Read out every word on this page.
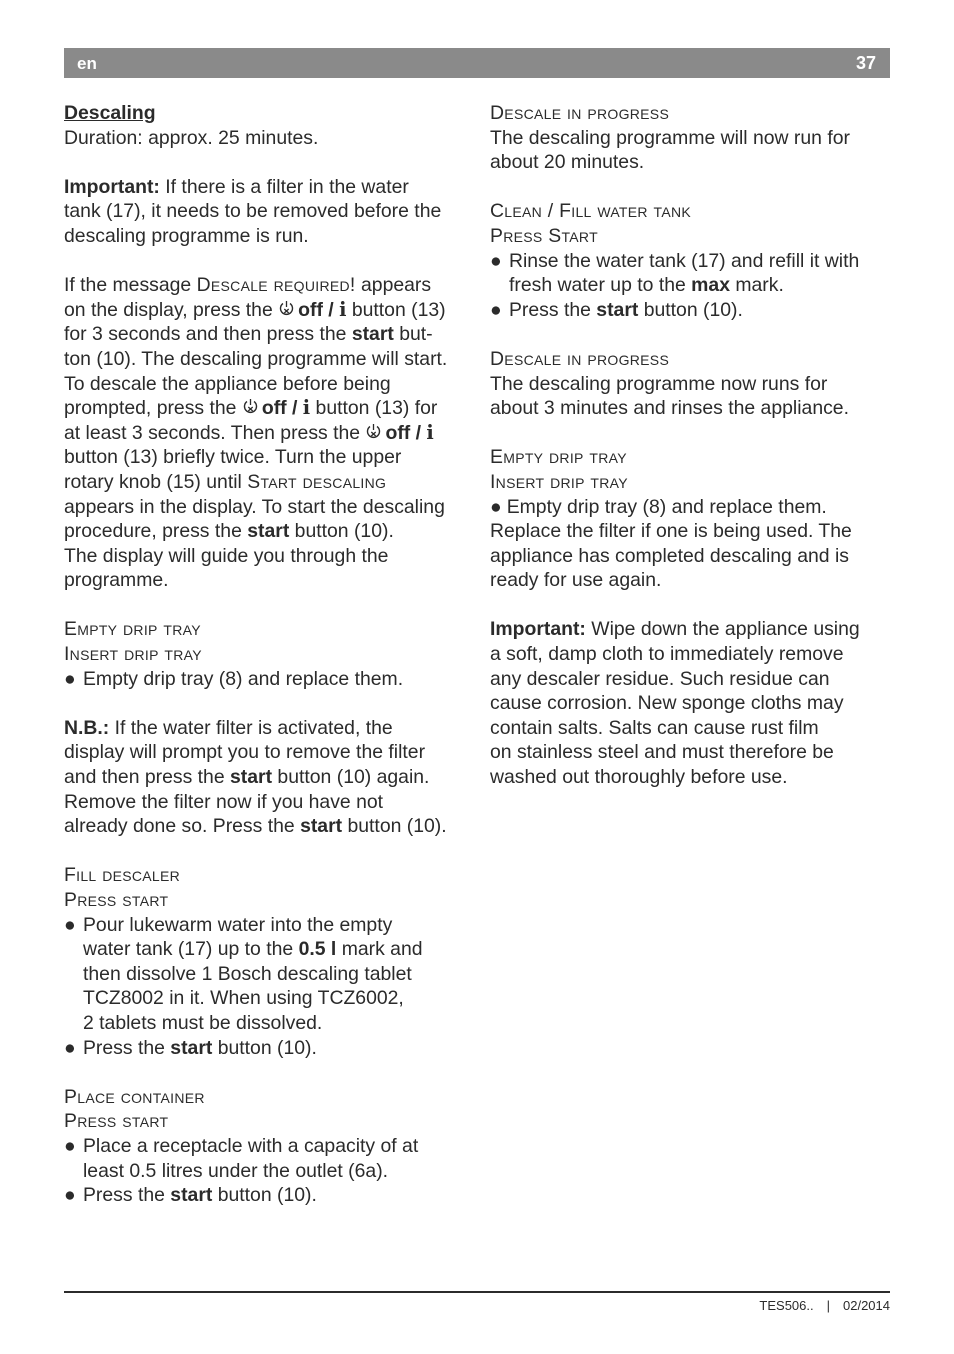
en	37

Descaling

Duration: approx. 25 minutes.

Important: If there is a filter in the water

tank (17), it needs to be removed before the

descaling programme is run.

If the message Descale required! appears

on the display, press the off / i button (13)

for 3 seconds and then press the start but-

ton (10). The descaling programme will start.

To descale the appliance before being

prompted, press the off / i button (13) for

at least 3 seconds. Then press the off / i

button (13) briefly twice. Turn the upper

rotary knob (15) until Start descaling

appears in the display. To start the descaling

procedure, press the start button (10).

The display will guide you through the

programme.

Empty drip tray

Insert drip tray

● Empty drip tray (8) and replace them.

N.B.: If the water filter is activated, the

display will prompt you to remove the filter

and then press the start button (10) again.

Remove the filter now if you have not

already done so. Press the start button (10).

Fill descaler

Press start

● Pour lukewarm water into the empty

water tank (17) up to the 0.5 l mark and

then dissolve 1 Bosch descaling tablet

TCZ8002 in it. When using TCZ6002,

2 tablets must be dissolved.

● Press the start button (10).

Place container

Press start

● Place a receptacle with a capacity of at

least 0.5 litres under the outlet (6a).

● Press the start button (10).

Descale in progress

The descaling programme will now run for

about 20 minutes.

Clean / Fill water tank

Press Start

● Rinse the water tank (17) and refill it with

fresh water up to the max mark.

● Press the start button (10).

Descale in progress

The descaling programme now runs for

about 3 minutes and rinses the appliance.

Empty drip tray

Insert drip tray

● Empty drip tray (8) and replace them.

Replace the filter if one is being used. The

appliance has completed descaling and is

ready for use again.

Important: Wipe down the appliance using

a soft, damp cloth to immediately remove

any descaler residue. Such residue can

cause corrosion. New sponge cloths may

contain salts. Salts can cause rust film

on stainless steel and must therefore be

washed out thoroughly before use.

TES506.. | 02/2014
